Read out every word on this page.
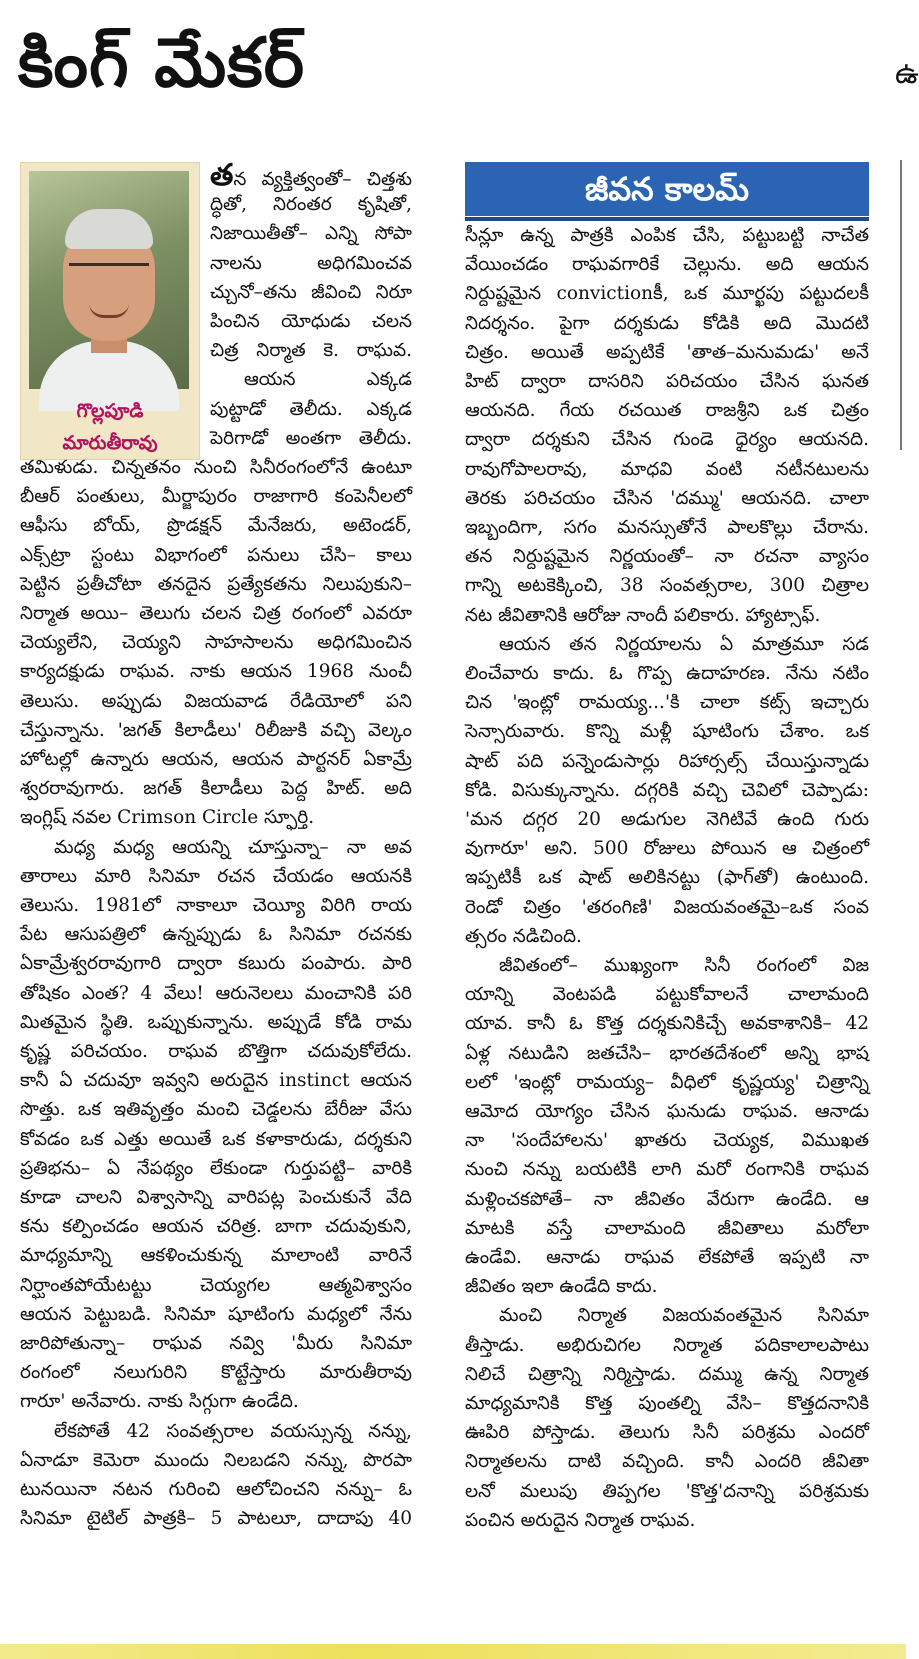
కింగ్‌ మేకర్‌	ఉ
గొల్లపూడి
మారుతీరావు
జీవన కాలమ్‌
తన వ్యక్తిత్వంతో– చిత్తశు
ద్ధితో, నిరంతర కృషితో,
నిజాయితీతో– ఎన్ని సోపా
నాలను అధిగమించవ
చ్చునో–తను జీవించి నిరూ
పించిన యోధుడు చలన
చిత్ర నిర్మాత కె. రాఘవ.
ఆయన ఎక్కడ
పుట్టాడో తెలీదు. ఎక్కడ
పెరిగాడో అంతగా తెలీదు.
తమిళుడు. చిన్నతనం నుంచి సినీరంగంలోనే ఉంటూ
బీఆర్‌ పంతులు, మీర్జాపురం రాజాగారి కంపెనీలలో
ఆఫీసు బోయ్‌, ప్రొడక్షన్‌ మేనేజరు, అటెండర్‌,
ఎక్స్‌ట్రా స్టంటు విభాగంలో పనులు చేసి– కాలు
పెట్టిన ప్రతీచోటా తనదైన ప్రత్యేకతను నిలుపుకుని–
నిర్మాత అయి– తెలుగు చలన చిత్ర రంగంలో ఎవరూ
చెయ్యలేని, చెయ్యని సాహసాలను అధిగమించిన
కార్యదక్షుడు రాఘవ. నాకు ఆయన 1968 నుంచీ
తెలుసు. అప్పుడు విజయవాడ రేడియోలో పని
చేస్తున్నాను. 'జగత్‌ కిలాడీలు' రిలీజుకి వచ్చి వెల్కం
హోటల్లో ఉన్నారు ఆయన, ఆయన పార్టనర్‌ ఏకామ్రే
శ్వరరావుగారు. జగత్‌ కిలాడీలు పెద్ద హిట్‌. అది
ఇంగ్లిష్‌ నవల Crimson Circle స్ఫూర్తి.
మధ్య మధ్య ఆయన్ని చూస్తున్నా– నా అవ
తారాలు మారి సినిమా రచన చేయడం ఆయనకి
తెలుసు. 1981లో నాకాలూ చెయ్యీ విరిగి రాయ
పేట ఆసుపత్రిలో ఉన్నప్పుడు ఓ సినిమా రచనకు
ఏకామ్రేశ్వరరావుగారి ద్వారా కబురు పంపారు. పారి
తోషికం ఎంత? 4 వేలు! ఆరునెలలు మంచానికి పరి
మితమైన స్థితి. ఒప్పుకున్నాను. అప్పుడే కోడి రామ
కృష్ణ పరిచయం. రాఘవ బొత్తిగా చదువుకోలేదు.
కానీ ఏ చదువూ ఇవ్వని అరుదైన instinct ఆయన
సొత్తు. ఒక ఇతివృత్తం మంచి చెడ్డలను బేరీజు వేసు
కోవడం ఒక ఎత్తు అయితే ఒక కళాకారుడు, దర్శకుని
ప్రతిభను– ఏ నేపథ్యం లేకుండా గుర్తుపట్టి– వారికి
కూడా చాలని విశ్వాసాన్ని వారిపట్ల పెంచుకునే వేది
కను కల్పించడం ఆయన చరిత్ర. బాగా చదువుకుని,
మాధ్యమాన్ని ఆకళించుకున్న మాలాంటి వారినే
నిర్ఘాంతపోయేటట్టు చెయ్యగల ఆత్మవిశ్వాసం
ఆయన పెట్టుబడి. సినిమా షూటింగు మధ్యలో నేను
జారిపోతున్నా– రాఘవ నవ్వి 'మీరు సినిమా
రంగంలో నలుగురిని కొట్టేస్తారు మారుతీరావు
గారూ' అనేవారు. నాకు సిగ్గుగా ఉండేది.
లేకపోతే 42 సంవత్సరాల వయస్సున్న నన్ను,
ఏనాడూ కెమెరా ముందు నిలబడని నన్ను, పొరపా
టునయినా నటన గురించి ఆలోచించని నన్ను– ఓ
సినిమా టైటిల్‌ పాత్రకి– 5 పాటలూ, దాదాపు 40
సీన్లూ ఉన్న పాత్రకి ఎంపిక చేసి, పట్టుబట్టి నాచేత
వేయించడం రాఘవగారికే చెల్లును. అది ఆయన
నిర్దుష్టమైన convictionకీ, ఒక మూర్ఖపు పట్టుదలకీ
నిదర్శనం. పైగా దర్శకుడు కోడికి అది మొదటి
చిత్రం. అయితే అప్పటికే 'తాత–మనుమడు' అనే
హిట్‌ ద్వారా దాసరిని పరిచయం చేసిన ఘనత
ఆయనది. గేయ రచయిత రాజశ్రీని ఒక చిత్రం
ద్వారా దర్శకుని చేసిన గుండె ధైర్యం ఆయనది.
రావుగోపాలరావు, మాధవి వంటి నటీనటులను
తెరకు పరిచయం చేసిన 'దమ్ము' ఆయనది. చాలా
ఇబ్బందిగా, సగం మనస్సుతోనే పాలకొల్లు చేరాను.
తన నిర్దుష్టమైన నిర్ణయంతో– నా రచనా వ్యాసం
గాన్ని అటకెక్కించి, 38 సంవత్సరాల, 300 చిత్రాల
నట జీవితానికి ఆరోజు నాందీ పలికారు. హ్యాట్సాఫ్‌.
ఆయన తన నిర్ణయాలను ఏ మాత్రమూ సడ
లించేవారు కాదు. ఓ గొప్ప ఉదాహరణ. నేను నటిం
చిన 'ఇంట్లో రామయ్య...'కి చాలా కట్స్‌ ఇచ్చారు
సెన్సారువారు. కొన్ని మళ్లీ షూటింగు చేశాం. ఒక
షాట్‌ పది పన్నెండుసార్లు రిహార్సల్స్‌ చేయిస్తున్నాడు
కోడి. విసుక్కున్నాను. దగ్గరికి వచ్చి చెవిలో చెప్పాడు:
'మన దగ్గర 20 అడుగుల నెగిటివే ఉంది గురు
వుగారూ' అని. 500 రోజులు పోయిన ఆ చిత్రంలో
ఇప్పటికీ ఒక షాట్‌ అలికినట్టు (ఫాగ్‌తో) ఉంటుంది.
రెండో చిత్రం 'తరంగిణి' విజయవంతమై–ఒక సంవ
త్సరం నడిచింది.
జీవితంలో– ముఖ్యంగా సినీ రంగంలో విజ
యాన్ని వెంటపడి పట్టుకోవాలనే చాలామంది
యావ. కానీ ఓ కొత్త దర్శకునికిచ్చే అవకాశానికి– 42
ఏళ్ల నటుడిని జతచేసి– భారతదేశంలో అన్ని భాష
లలో 'ఇంట్లో రామయ్య– వీధిలో కృష్ణయ్య' చిత్రాన్ని
ఆమోద యోగ్యం చేసిన ఘనుడు రాఘవ. ఆనాడు
నా 'సందేహాలను' ఖాతరు చెయ్యక, విముఖత
నుంచి నన్ను బయటికి లాగి మరో రంగానికి రాఘవ
మళ్లించకపోతే– నా జీవితం వేరుగా ఉండేది. ఆ
మాటకి వస్తే చాలామంది జీవితాలు మరోలా
ఉండేవి. ఆనాడు రాఘవ లేకపోతే ఇప్పటి నా
జీవితం ఇలా ఉండేది కాదు.
మంచి నిర్మాత విజయవంతమైన సినిమా
తీస్తాడు. అభిరుచిగల నిర్మాత పదికాలాలపాటు
నిలిచే చిత్రాన్ని నిర్మిస్తాడు. దమ్ము ఉన్న నిర్మాత
మాధ్యమానికి కొత్త పుంతల్ని వేసి– కొత్తదనానికి
ఊపిరి పోస్తాడు. తెలుగు సినీ పరిశ్రమ ఎందరో
నిర్మాతలను దాటి వచ్చింది. కానీ ఎందరి జీవితా
లనో మలుపు తిప్పగల 'కొత్త'దనాన్ని పరిశ్రమకు
పంచిన అరుదైన నిర్మాత రాఘవ.
